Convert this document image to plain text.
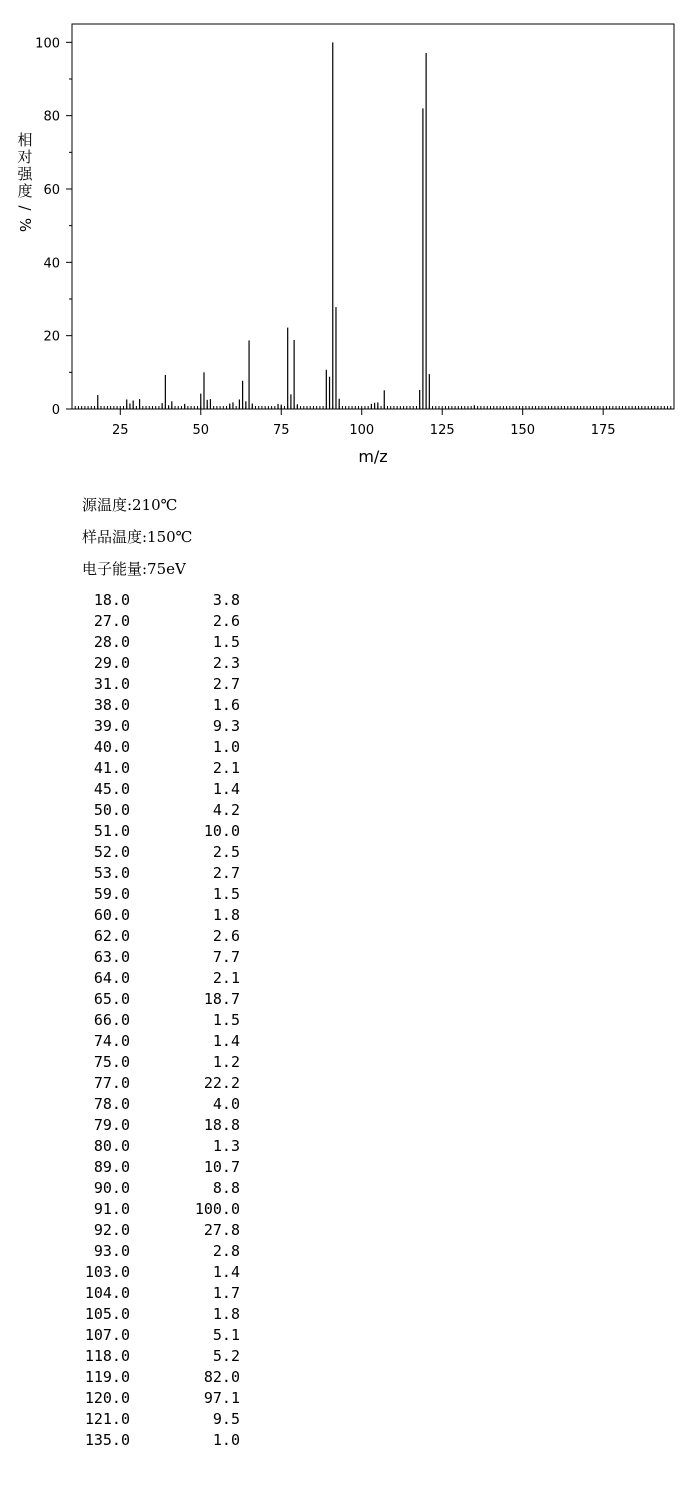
25	50	75	100	125	150	175
0
20
40
60
80
100
m/z
相
对
强
度
/
%
源温度:210℃
样品温度:150℃
电子能量:75eV
18.0	3.8
27.0	2.6
28.0	1.5
29.0	2.3
31.0	2.7
38.0	1.6
39.0	9.3
40.0	1.0
41.0	2.1
45.0	1.4
50.0	4.2
51.0	10.0
52.0	2.5
53.0	2.7
59.0	1.5
60.0	1.8
62.0	2.6
63.0	7.7
64.0	2.1
65.0	18.7
66.0	1.5
74.0	1.4
75.0	1.2
77.0	22.2
78.0	4.0
79.0	18.8
80.0	1.3
89.0	10.7
90.0	8.8
91.0	100.0
92.0	27.8
93.0	2.8
103.0	1.4
104.0	1.7
105.0	1.8
107.0	5.1
118.0	5.2
119.0	82.0
120.0	97.1
121.0	9.5
135.0	1.0
